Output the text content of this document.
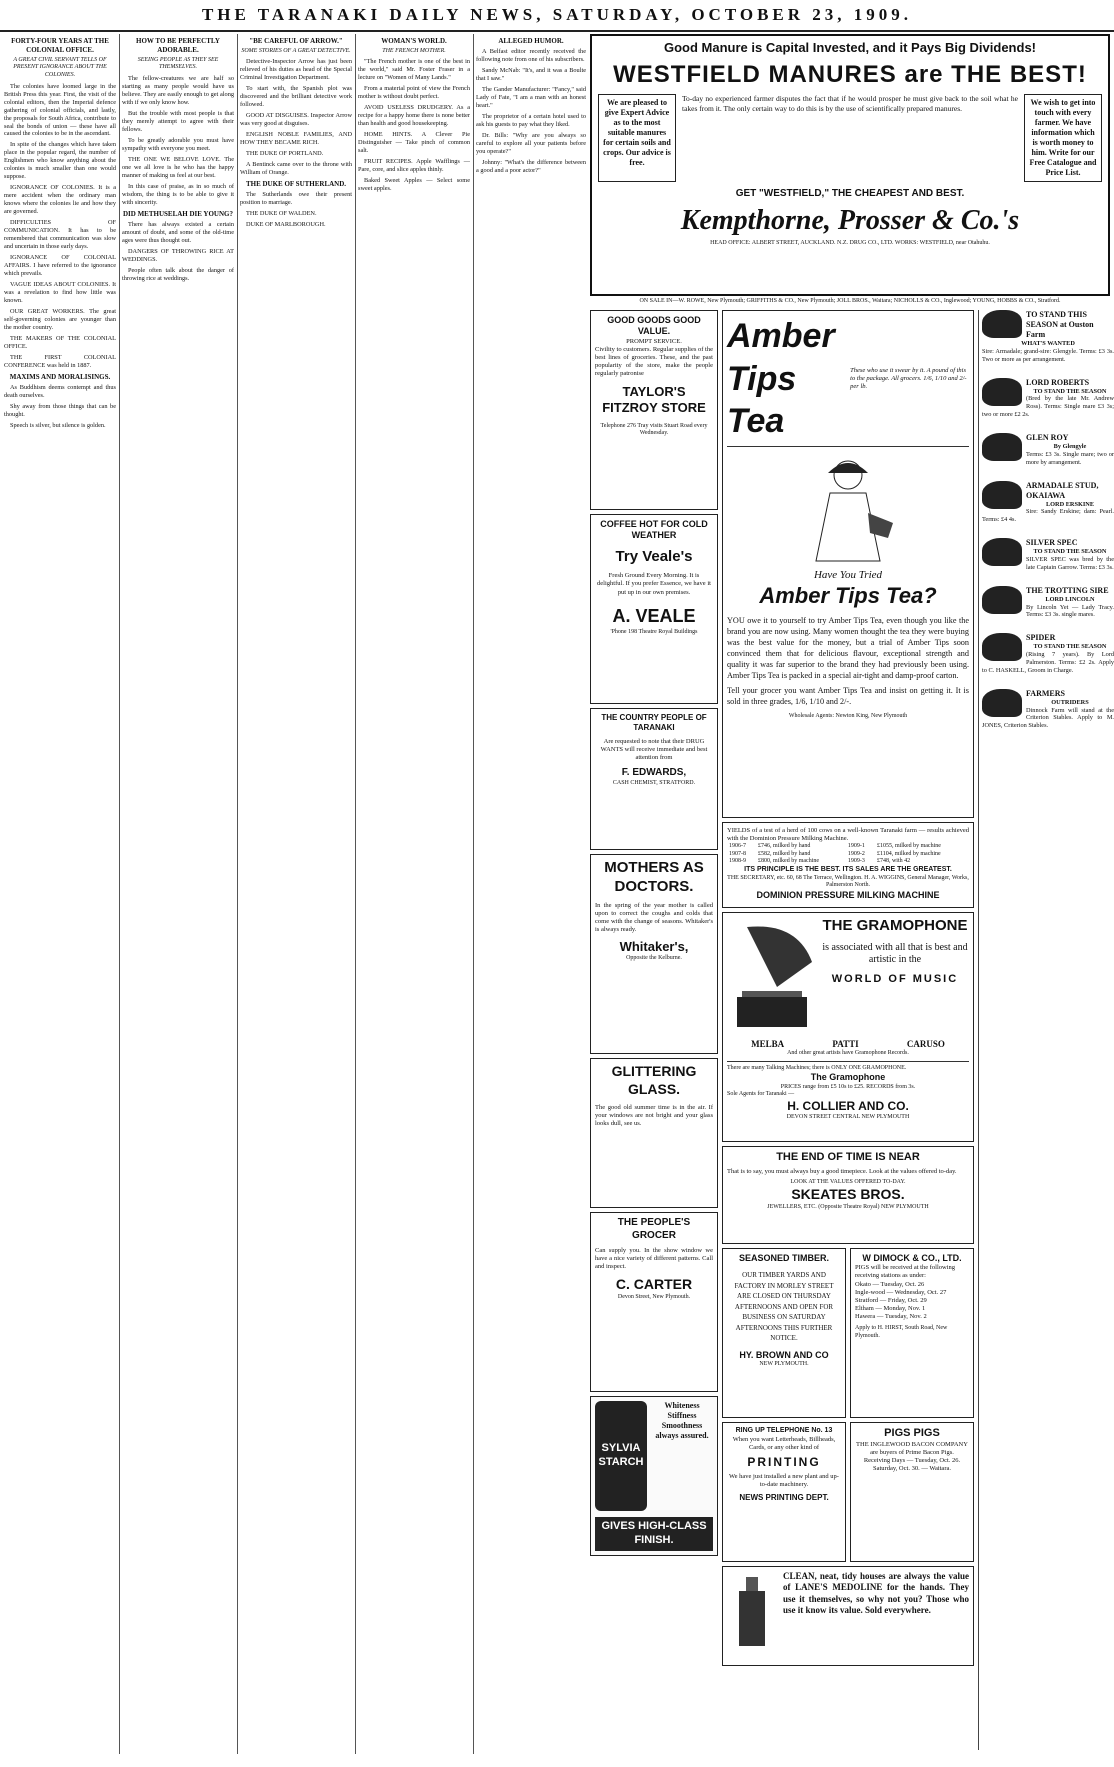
THE TARANAKI DAILY NEWS, SATURDAY, OCTOBER 23, 1909.
FORTY-FOUR YEARS AT THE COLONIAL OFFICE.
A GREAT CIVIL SERVANT TELLS OF PRESENT IGNORANCE ABOUT THE COLONIES.

The colonies have loomed large in the British Press this year. First, the visit of the colonial editors, then the Imperial defence gathering of colonial officials, and lastly, the proposals for South Africa, contribute to seal the bonds of union — these have all caused the colonies to be in the ascendant.

In spite of the changes which have taken place in the popular regard, the number of Englishmen who know anything about the colonies is much smaller than one would suppose.

IGNORANCE OF COLONIES. It is a mere accident when the ordinary man knows where the colonies lie and how they are governed.

DIFFICULTIES OF COMMUNICATION. It has to be remembered that communication was slow and uncertain in those early days.

IGNORANCE OF COLONIAL AFFAIRS. I have referred to the ignorance which prevails.

VAGUE IDEAS ABOUT COLONIES. It was a revelation to find how little was known.

OUR GREAT WORKERS. The great self-governing colonies are younger than the mother country.

THE MAKERS OF THE COLONIAL OFFICE.

THE FIRST COLONIAL CONFERENCE was held in 1887.

MAXIMS AND MORALISINGS.

As Buddhism deems contempt and thus death ourselves.

Shy away from those things that can be thought.

Speech is silver, but silence is golden.

HOW TO BE PERFECTLY ADORABLE.
SEEING PEOPLE AS THEY SEE THEMSELVES.

The fellow-creatures we are half so starting as many people would have us believe. They are easily enough to get along with if we only know how.

But the trouble with most people is that they merely attempt to agree with their fellows.

To be greatly adorable you must have sympathy with everyone you meet.

THE ONE WE BELOVE LOVE. The one we all love is he who has the happy manner of making us feel at our best.

In this case of praise, as in so much of wisdom, the thing is to be able to give it with sincerity.

DID METHUSELAH DIE YOUNG?

There has always existed a certain amount of doubt, and some of the old-time ages were thus thought out.

DANGERS OF THROWING RICE AT WEDDINGS.

People often talk about the danger of throwing rice at weddings.

"BE CAREFUL OF ARROW."
SOME STORIES OF A GREAT DETECTIVE.

Detective-Inspector Arrow has just been relieved of his duties as head of the Special Criminal Investigation Department.

To start with, the Spanish plot was discovered and the brilliant detective work followed.

GOOD AT DISGUISES. Inspector Arrow was very good at disguises.

ENGLISH NOBLE FAMILIES, AND HOW THEY BECAME RICH.

THE DUKE OF PORTLAND.

A Bentinck came over to the throne with William of Orange.

THE DUKE OF SUTHERLAND.

The Sutherlands owe their present position to marriage.

THE DUKE OF WALDEN.

DUKE OF MARLBOROUGH.

WOMAN'S WORLD.
THE FRENCH MOTHER.

"The French mother is one of the best in the world," said Mr. Foster Fraser in a lecture on "Women of Many Lands."

From a material point of view the French mother is without doubt perfect.

AVOID USELESS DRUDGERY. As a recipe for a happy home there is none better than health and good housekeeping.

HOME HINTS. A Clever Pie Distinguisher — Take pinch of common salt.

FRUIT RECIPES. Apple Wafflings — Pare, core, and slice apples thinly.

Baked Sweet Apples — Select some sweet apples.

ALLEGED HUMOR.

A Belfast editor recently received the following note from one of his subscribers.

Sandy McNab: "It's, and it was a Boulte that I saw."

The Gander Manufacturer: "Fancy," said Lady of Fate, "I am a man with an honest heart."

The proprietor of a certain hotel used to ask his guests to pay what they liked.

Dr. Bills: "Why are you always so careful to explore all your patients before you operate?"

Johnny: "What's the difference between a good and a poor actor?"

Good Manure is Capital Invested, and it Pays Big Dividends!
WESTFIELD MANURES are THE BEST!
We are pleased to give Expert Advice as to the most suitable manures for certain soils and crops. Our advice is free.
To-day no experienced farmer disputes the fact that if he would prosper he must give back to the soil what he takes from it. The only certain way to do this is by the use of scientifically prepared manures.
We wish to get into touch with every farmer. We have information which is worth money to him. Write for our Free Catalogue and Price List.
GET "WESTFIELD," THE CHEAPEST AND BEST.
Kempthorne, Prosser & Co.'s
HEAD OFFICE: ALBERT STREET, AUCKLAND. N.Z. DRUG CO., LTD. WORKS: WESTFIELD, near Otahuhu.
ON SALE IN—W. ROWE, New Plymouth; GRIFFITHS & CO., New Plymouth; JOLL BROS., Waitara; NICHOLLS & CO., Inglewood; YOUNG, HOBBS & CO., Stratford.
GOOD GOODS GOOD VALUE.
PROMPT SERVICE.
Civility to customers. Regular supplies of the best lines of groceries. These, and the past popularity of the store, make the people regularly patronise
TAYLOR'S FITZROY STORE
Telephone 276 Tray visits Stuart Road every Wednesday.
COFFEE HOT FOR COLD WEATHER
Try Veale's
Fresh Ground Every Morning. It is delightful. If you prefer Essence, we have it put up in our own premises.
A. VEALE
'Phone 198 Theatre Royal Buildings
THE COUNTRY PEOPLE OF TARANAKI
Are requested to note that their DRUG WANTS will receive immediate and best attention from
F. EDWARDS,
CASH CHEMIST, STRATFORD.
MOTHERS AS DOCTORS.
In the spring of the year mother is called upon to correct the coughs and colds that come with the change of seasons. Whitaker's is always ready.
Whitaker's,
Opposite the Kelburne.
GLITTERING GLASS.
The good old summer time is in the air. If your windows are not bright and your glass looks dull, see us.
THE PEOPLE'S GROCER
Can supply you. In the show window we have a nice variety of different patterns. Call and inspect.
C. CARTER
Devon Street, New Plymouth.
SYLVIA STARCH
Whiteness Stiffness Smoothness always assured.
GIVES HIGH-CLASS FINISH.
Amber Tips Tea
These who use it swear by it. A pound of this to the package. All grocers. 1/6, 1/10 and 2/- per lb.
Have You Tried
Amber Tips Tea?
YOU owe it to yourself to try Amber Tips Tea, even though you like the brand you are now using. Many women thought the tea they were buying was the best value for the money, but a trial of Amber Tips soon convinced them that for delicious flavour, exceptional strength and quality it was far superior to the brand they had previously been using. Amber Tips Tea is packed in a special air-tight and damp-proof carton.
Tell your grocer you want Amber Tips Tea and insist on getting it. It is sold in three grades, 1/6, 1/10 and 2/-.
Wholesale Agents: Newton King, New Plymouth
YIELDS of a test of a herd of 100 cows on a well-known Taranaki farm — results achieved with the Dominion Pressure Milking Machine.
1906-7	£746, milked by hand	1909-1	£1055, milked by machine
1907-8	£582, milked by hand	1909-2	£1104, milked by machine
1908-9	£800, milked by machine	1909-3	£748, with 42
ITS PRINCIPLE IS THE BEST. ITS SALES ARE THE GREATEST.
THE SECRETARY, etc. 60, 68 The Terrace, Wellington. H. A. WIGGINS, General Manager, Works, Palmerston North.
DOMINION PRESSURE MILKING MACHINE
THE GRAMOPHONE
is associated with all that is best and artistic in the
WORLD OF MUSIC
MELBA	PATTI	CARUSO
And other great artists have Gramophone Records.
There are many Talking Machines; there is ONLY ONE GRAMOPHONE.
The Gramophone
PRICES range from £5 10s to £25. RECORDS from 3s.
Sole Agents for Taranaki —
H. COLLIER AND CO.
DEVON STREET CENTRAL NEW PLYMOUTH
THE END OF TIME IS NEAR
That is to say, you must always buy a good timepiece. Look at the values offered to-day.
LOOK AT THE VALUES OFFERED TO-DAY.
SKEATES BROS.
JEWELLERS, ETC. (Opposite Theatre Royal) NEW PLYMOUTH
SEASONED TIMBER.
OUR TIMBER YARDS AND FACTORY IN MORLEY STREET ARE CLOSED ON THURSDAY AFTERNOONS AND OPEN FOR BUSINESS ON SATURDAY AFTERNOONS THIS FURTHER NOTICE.
HY. BROWN AND CO
NEW PLYMOUTH.
W DIMOCK & CO., LTD.
PIGS will be received at the following receiving stations as under:
Okato — Tuesday, Oct. 26
Ingle-wood — Wednesday, Oct. 27
Stratford — Friday, Oct. 29
Eltham — Monday, Nov. 1
Hawera — Tuesday, Nov. 2
Apply to H. HIRST, South Road, New Plymouth.
RING UP TELEPHONE No. 13
When you want Letterheads, Billheads, Cards, or any other kind of
PRINTING
We have just installed a new plant and up-to-date machinery.
NEWS PRINTING DEPT.
PIGS PIGS
THE INGLEWOOD BACON COMPANY are buyers of Prime Bacon Pigs.
Receiving Days — Tuesday, Oct. 26.
Saturday, Oct. 30. — Waitara.
CLEAN, neat, tidy houses are always the value of LANE'S MEDOLINE for the hands. They use it themselves, so why not you? Those who use it know its value. Sold everywhere.
TO STAND THIS SEASON at Ouston Farm
WHAT'S WANTED
Sire: Armadale; grand-sire: Glengyle. Terms: £3 3s. Two or more as per arrangement.
LORD ROBERTS
TO STAND THE SEASON
(Bred by the late Mr. Andrew Ross). Terms: Single mare £3 3s; two or more £2 2s.
GLEN ROY
By Glengyle
Terms: £3 3s. Single mare; two or more by arrangement.
ARMADALE STUD, OKAIAWA
LORD ERSKINE
Sire: Sandy Erskine; dam: Pearl. Terms: £4 4s.
SILVER SPEC
TO STAND THE SEASON
SILVER SPEC was bred by the late Captain Garrow. Terms: £3 3s.
THE TROTTING SIRE
LORD LINCOLN
By Lincoln Yet — Lady Tracy. Terms: £3 3s. single mares.
SPIDER
TO STAND THE SEASON
(Rising 7 years). By Lord Palmerston. Terms: £2 2s. Apply to C. HASKELL, Groom in Charge.
FARMERS
OUTRIDERS
Dinnock Farm will stand at the Criterion Stables. Apply to M. JONES, Criterion Stables.
